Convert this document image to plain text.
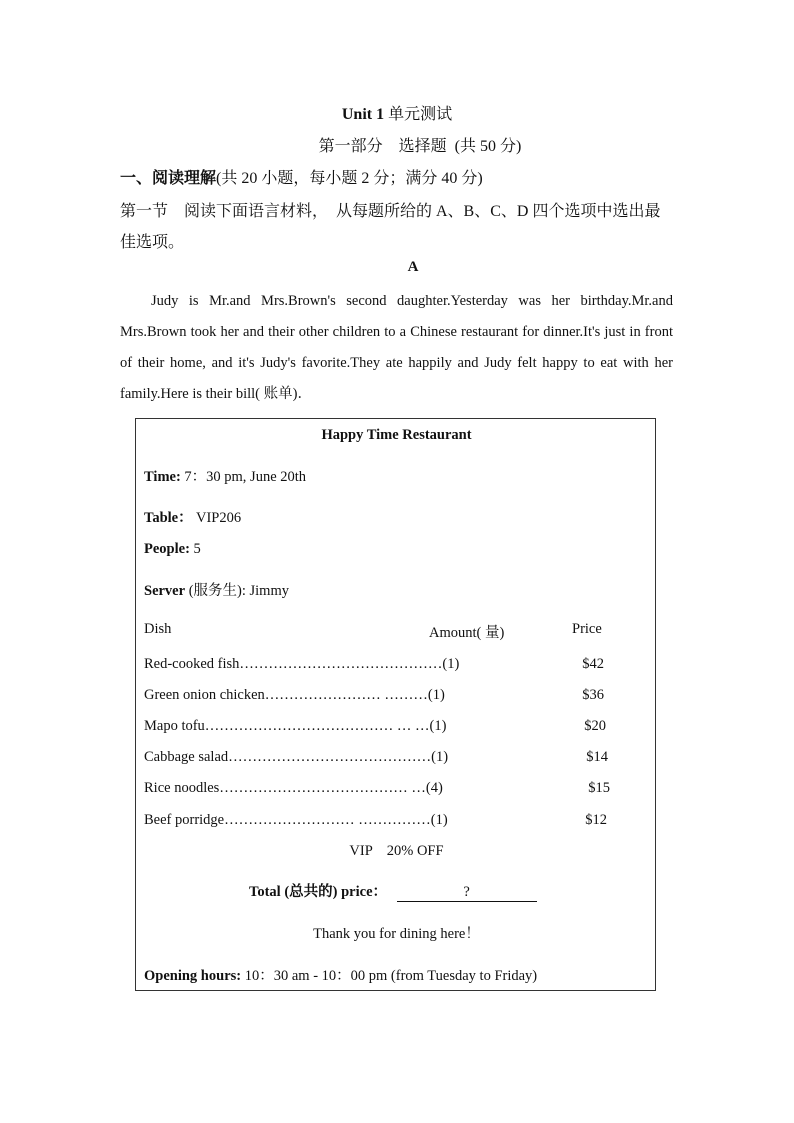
Unit 1 单元测试
第一部分 选择题 (共 50 分)
一、阅读理解(共 20 小题，每小题 2 分；满分 40 分)
第一节　阅读下面语言材料，　从每题所给的 A、B、C、D 四个选项中选出最佳选项。
A
Judy is Mr.and Mrs.Brown's second daughter.Yesterday was her birthday.Mr.and Mrs.Brown took her and their other children to a Chinese restaurant for dinner.It's just in front of their home, and it's Judy's favorite.They ate happily and Judy felt happy to eat with her family.Here is their bill( 账单)．
Happy Time Restaurant
Time: 7：30 pm, June 20th
Table： VIP206
People: 5
Server (服务生): Jimmy
Dish	Amount( 量)	Price
Red-cooked fish……………………………………(1)	$42
Green onion chicken…………………… ………(1)	$36
Mapo tofu………………………………… … …(1)	$20
Cabbage salad……………………………………(1)	$14
Rice noodles………………………………… …(4)	$15
Beef porridge……………………… ……………(1)	$12
VIP    20% OFF
Total (总共的) price：	?
Thank you for dining here！
Opening hours: 10：30 am - 10：00 pm (from Tuesday to Friday)
